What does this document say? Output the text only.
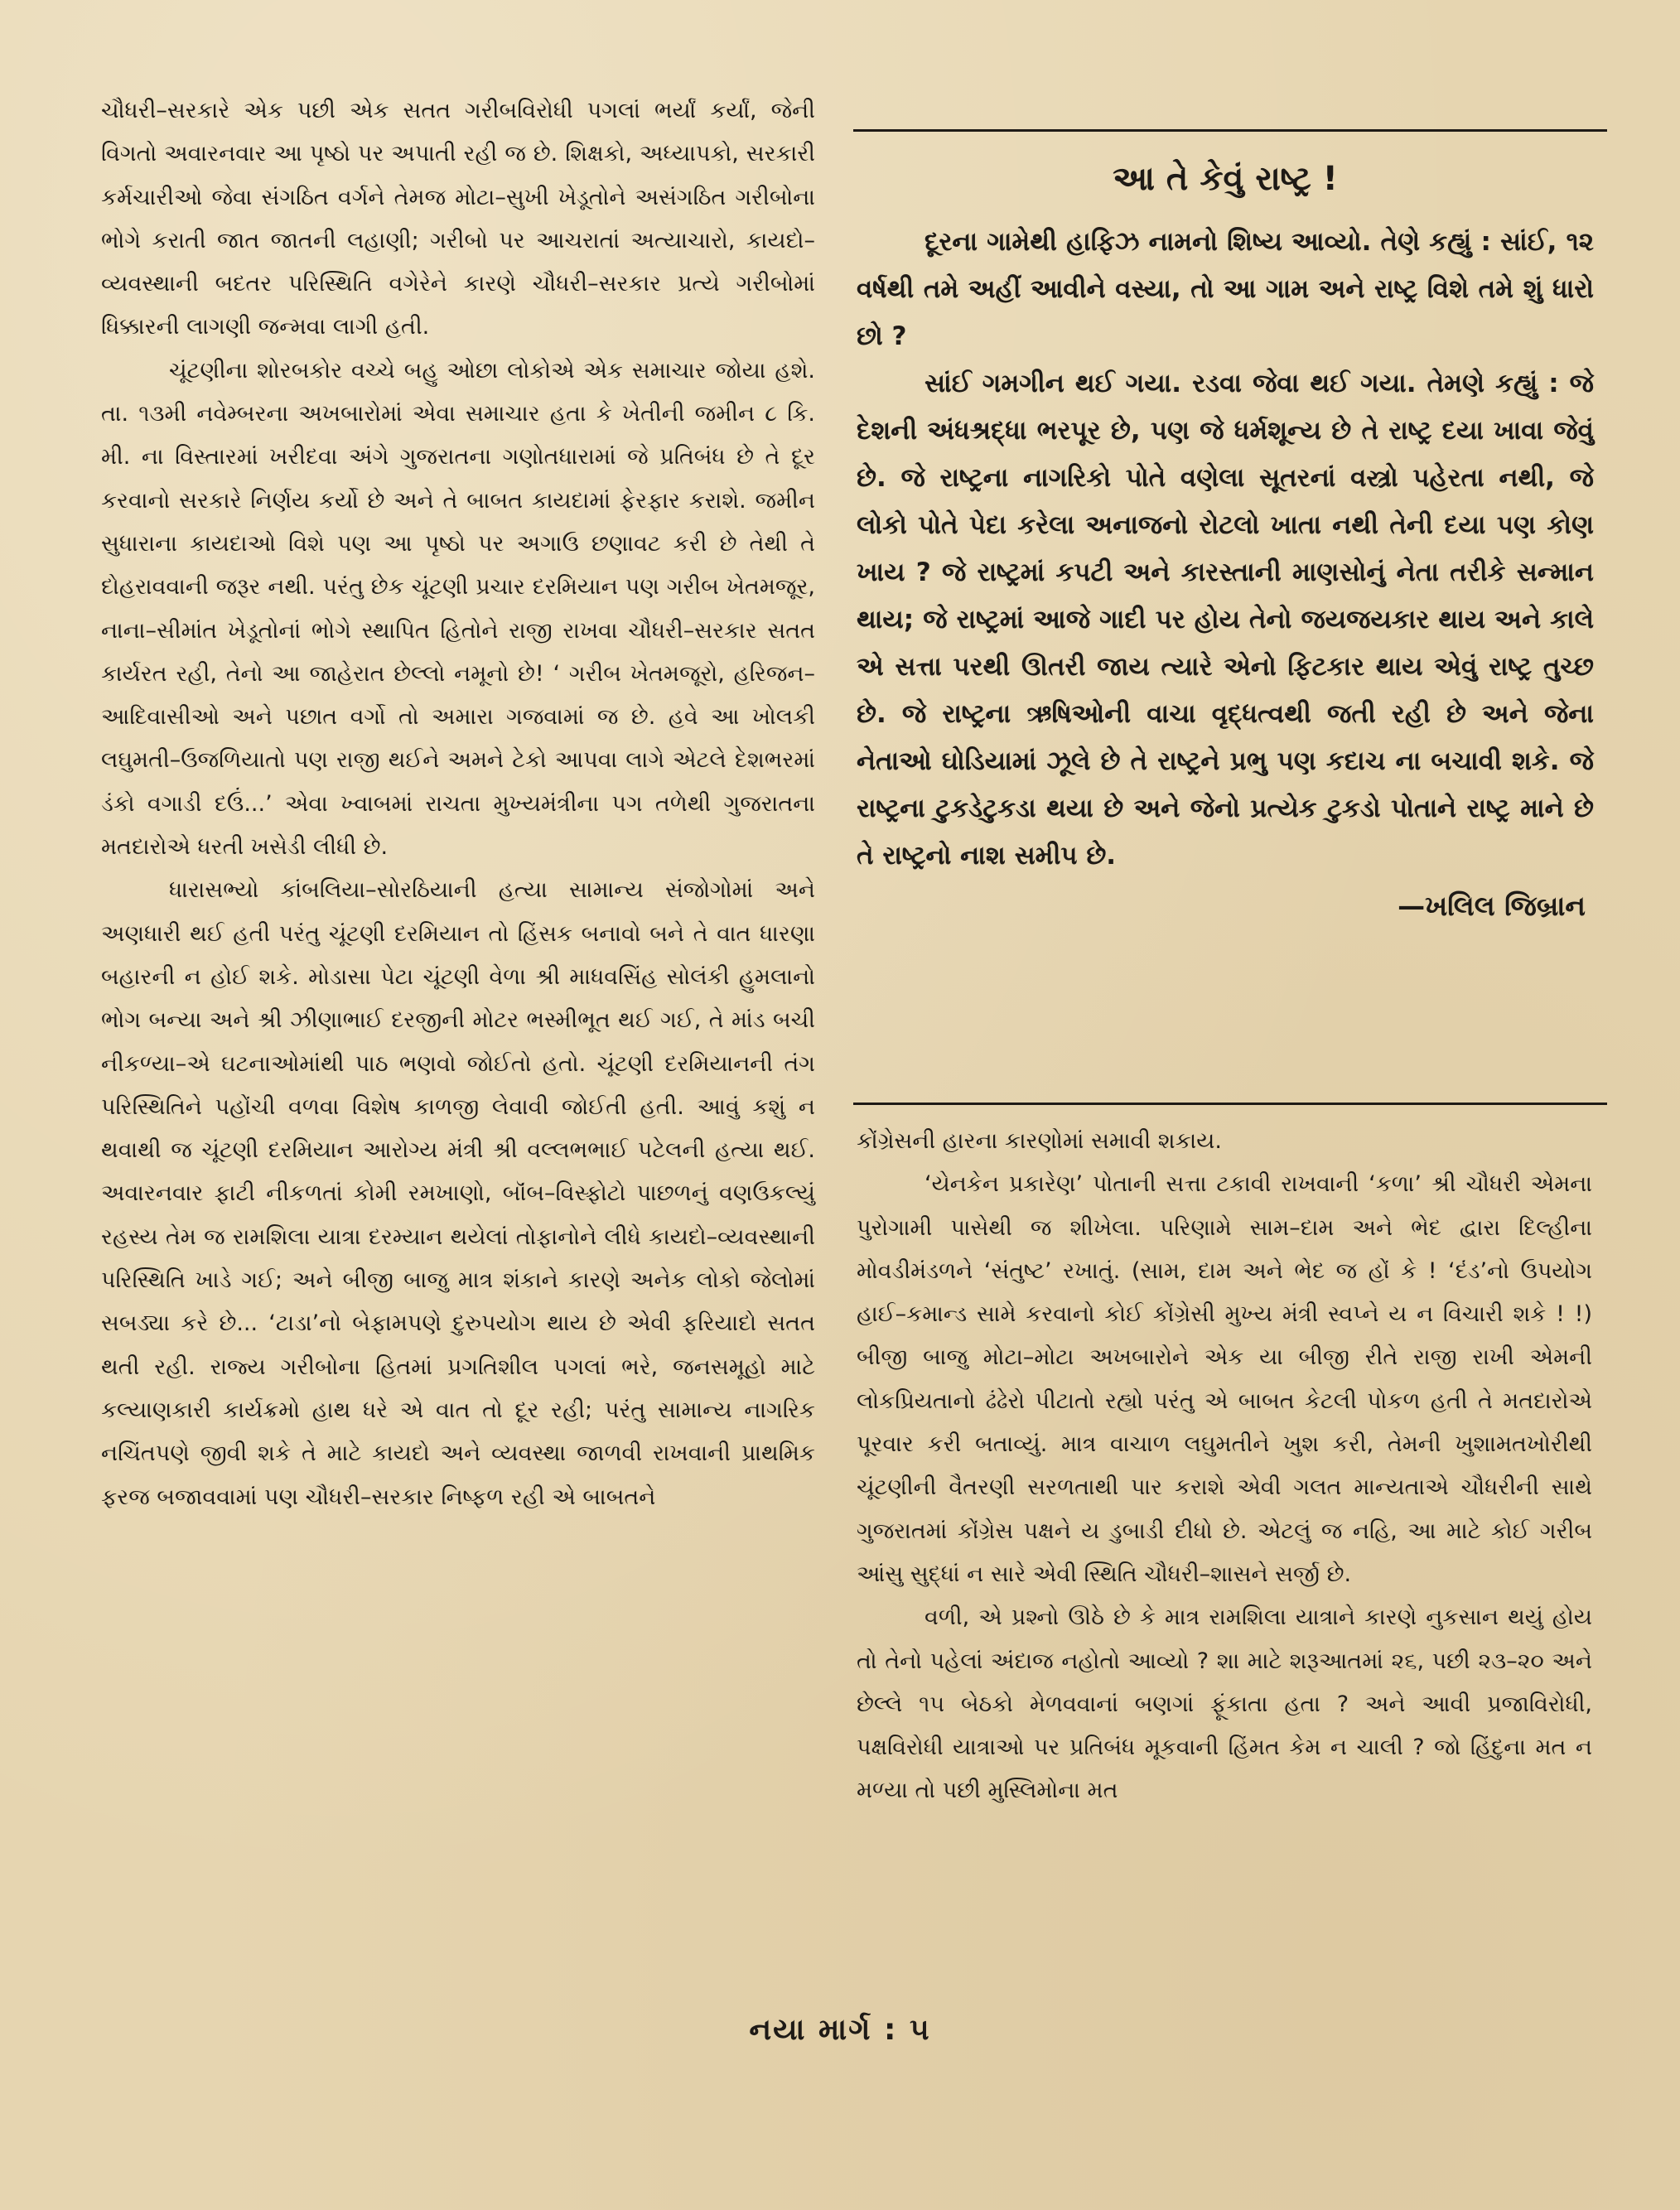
ચૌધરી–સરકારે એક પછી એક સતત ગરીબવિરોધી પગલાં ભર્યાં કર્યાં, જેની વિગતો અવારનવાર આ પૃષ્ઠો પર અપાતી રહી જ છે. શિક્ષકો, અધ્યાપકો, સરકારી કર્મચારીઓ જેવા સંગઠિત વર્ગને તેમજ મોટા–સુખી ખેડૂતોને અસંગઠિત ગરીબોના ભોગે કરાતી જાત જાતની લહાણી; ગરીબો પર આચરાતાં અત્યાચારો, કાયદો–વ્યવસ્થાની બદતર પરિસ્થિતિ વગેરેને કારણે ચૌધરી–સરકાર પ્રત્યે ગરીબોમાં ધિક્કારની લાગણી જન્મવા લાગી હતી.

ચૂંટણીના શોરબકોર વચ્ચે બહુ ઓછા લોકોએ એક સમાચાર જોયા હશે. તા. ૧૩મી નવેમ્બરના અખબારોમાં એવા સમાચાર હતા કે ખેતીની જમીન ૮ કિ. મી. ના વિસ્તારમાં ખરીદવા અંગે ગુજરાતના ગણોતધારામાં જે પ્રતિબંધ છે તે દૂર કરવાનો સરકારે નિર્ણય કર્યો છે અને તે બાબત કાયદામાં ફેરફાર કરાશે. જમીન સુધારાના કાયદાઓ વિશે પણ આ પૃષ્ઠો પર અગાઉ છણાવટ કરી છે તેથી તે દોહરાવવાની જરૂર નથી. પરંતુ છેક ચૂંટણી પ્રચાર દરમિયાન પણ ગરીબ ખેતમજૂર, નાના–સીમાંત ખેડૂતોનાં ભોગે સ્થાપિત હિતોને રાજી રાખવા ચૌધરી–સરકાર સતત કાર્યરત રહી, તેનો આ જાહેરાત છેલ્લો નમૂનો છે! ‘ ગરીબ ખેતમજૂરો, હરિજન–આદિવાસીઓ અને પછાત વર્ગો તો અમારા ગજવામાં જ છે. હવે આ ખોલકી લઘુમતી–ઉજળિયાતો પણ રાજી થઈને અમને ટેકો આપવા લાગે એટલે દેશભરમાં ડંકો વગાડી દઉં...’ એવા ખ્વાબમાં રાચતા મુખ્યમંત્રીના પગ તળેથી ગુજરાતના મતદારોએ ધરતી ખસેડી લીધી છે.

ધારાસભ્યો કાંબલિયા–સોરઠિયાની હત્યા સામાન્ય સંજોગોમાં અને અણધારી થઈ હતી પરંતુ ચૂંટણી દરમિયાન તો હિંસક બનાવો બને તે વાત ધારણા બહારની ન હોઈ શકે. મોડાસા પેટા ચૂંટણી વેળા શ્રી માધવસિંહ સોલંકી હુમલાનો ભોગ બન્યા અને શ્રી ઝીણાભાઈ દરજીની મોટર ભસ્મીભૂત થઈ ગઈ, તે માંડ બચી નીકળ્યા–એ ઘટનાઓમાંથી પાઠ ભણવો જોઈતો હતો. ચૂંટણી દરમિયાનની તંગ પરિસ્થિતિને પહોંચી વળવા વિશેષ કાળજી લેવાવી જોઈતી હતી. આવું કશું ન થવાથી જ ચૂંટણી દરમિયાન આરોગ્ય મંત્રી શ્રી વલ્લભભાઈ પટેલની હત્યા થઈ. અવારનવાર ફાટી નીકળતાં કોમી રમખાણો, બૉંબ–વિસ્ફોટો પાછળનું વણઉકલ્યું રહસ્ય તેમ જ રામશિલા યાત્રા દરમ્યાન થયેલાં તોફાનોને લીધે કાયદો–વ્યવસ્થાની પરિસ્થિતિ ખાડે ગઈ; અને બીજી બાજુ માત્ર શંકાને કારણે અનેક લોકો જેલોમાં સબડ્યા કરે છે... ‘ટાડા’નો બેફામપણે દુરુપયોગ થાય છે એવી ફરિયાદો સતત થતી રહી. રાજ્ય ગરીબોના હિતમાં પ્રગતિશીલ પગલાં ભરે, જનસમૂહો માટે કલ્યાણકારી કાર્યક્રમો હાથ ધરે એ વાત તો દૂર રહી; પરંતુ સામાન્ય નાગરિક નચિંતપણે જીવી શકે તે માટે કાયદો અને વ્યવસ્થા જાળવી રાખવાની પ્રાથમિક ફરજ બજાવવામાં પણ ચૌધરી–સરકાર નિષ્ફળ રહી એ બાબતને

આ તે કેવું રાષ્ટ્ર !

દૂરના ગામેથી હાફિઝ નામનો શિષ્ય આવ્યો. તેણે કહ્યું : સાંઈ, ૧૨ વર્ષથી તમે અહીં આવીને વસ્યા, તો આ ગામ અને રાષ્ટ્ર વિશે તમે શું ધારો છો ?

સાંઈ ગમગીન થઈ ગયા. રડવા જેવા થઈ ગયા. તેમણે કહ્યું : જે દેશની અંધશ્રદ્ધા ભરપૂર છે, પણ જે ધર્મશૂન્ય છે તે રાષ્ટ્ર દયા ખાવા જેવું છે. જે રાષ્ટ્રના નાગરિકો પોતે વણેલા સૂતરનાં વસ્ત્રો પહેરતા નથી, જે લોકો પોતે પેદા કરેલા અનાજનો રોટલો ખાતા નથી તેની દયા પણ કોણ ખાય ? જે રાષ્ટ્રમાં કપટી અને કારસ્તાની માણસોનું નેતા તરીકે સન્માન થાય; જે રાષ્ટ્રમાં આજે ગાદી પર હોય તેનો જયજયકાર થાય અને કાલે એ સત્તા પરથી ઊતરી જાય ત્યારે એનો ફિટકાર થાય એવું રાષ્ટ્ર તુચ્છ છે. જે રાષ્ટ્રના ઋષિઓની વાચા વૃદ્ધત્વથી જતી રહી છે અને જેના નેતાઓ ઘોડિયામાં ઝૂલે છે તે રાષ્ટ્રને પ્રભુ પણ કદાચ ના બચાવી શકે. જે રાષ્ટ્રના ટુકડેટુકડા થયા છે અને જેનો પ્રત્યેક ટુકડો પોતાને રાષ્ટ્ર માને છે તે રાષ્ટ્રનો નાશ સમીપ છે.

—ખલિલ જિબ્રાન

કોંગ્રેસની હારના કારણોમાં સમાવી શકાય.

‘યેનકેન પ્રકારેણ’ પોતાની સત્તા ટકાવી રાખવાની ‘કળા’ શ્રી ચૌધરી એમના પુરોગામી પાસેથી જ શીખેલા. પરિણામે સામ–દામ અને ભેદ દ્વારા દિલ્હીના મોવડીમંડળને ‘સંતુષ્ટ’ રખાતું. (સામ, દામ અને ભેદ જ હોં કે ! ‘દંડ’નો ઉપયોગ હાઈ–કમાન્ડ સામે કરવાનો કોઈ કોંગ્રેસી મુખ્ય મંત્રી સ્વપ્ને ય ન વિચારી શકે ! !) બીજી બાજુ મોટા–મોટા અખબારોને એક યા બીજી રીતે રાજી રાખી એમની લોકપ્રિયતાનો ઢંઢેરો પીટાતો રહ્યો પરંતુ એ બાબત કેટલી પોકળ હતી તે મતદારોએ પૂરવાર કરી બતાવ્યું. માત્ર વાચાળ લઘુમતીને ખુશ કરી, તેમની ખુશામતખોરીથી ચૂંટણીની વૈતરણી સરળતાથી પાર કરાશે એવી ગલત માન્યતાએ ચૌધરીની સાથે ગુજરાતમાં કોંગ્રેસ પક્ષને ય ડુબાડી દીધો છે. એટલું જ નહિ, આ માટે કોઈ ગરીબ આંસુ સુદ્ધાં ન સારે એવી સ્થિતિ ચૌધરી–શાસને સર્જી છે.

વળી, એ પ્રશ્નો ઊઠે છે કે માત્ર રામશિલા યાત્રાને કારણે નુકસાન થયું હોય તો તેનો પહેલાં અંદાજ નહોતો આવ્યો ? શા માટે શરૂઆતમાં ૨૬, પછી ૨૩–૨૦ અને છેલ્લે ૧૫ બેઠકો મેળવવાનાં બણગાં ફૂંકાતા હતા ? અને આવી પ્રજાવિરોધી, પક્ષવિરોધી યાત્રાઓ પર પ્રતિબંધ મૂકવાની હિંમત કેમ ન ચાલી ? જો હિંદુના મત ન મળ્યા તો પછી મુસ્લિમોના મત

નયા માર્ગ : ૫
